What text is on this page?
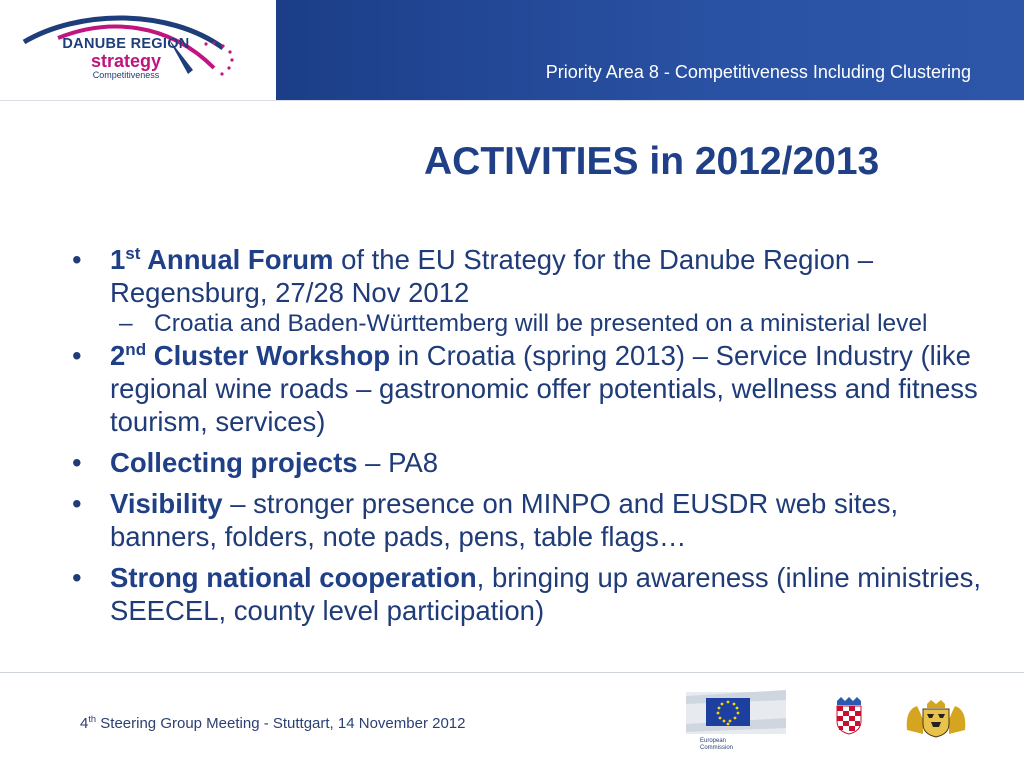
DANUBE REGION
strategy
Competitiveness	Priority Area 8 - Competitiveness Including Clustering
ACTIVITIES in 2012/2013
•	1st Annual Forum of the EU Strategy for the Danube Region – Regensburg, 27/28 Nov 2012
– Croatia and Baden-Württemberg will be presented on a ministerial level
•	2nd Cluster Workshop in Croatia (spring 2013) – Service Industry (like regional wine roads – gastronomic offer potentials, wellness and fitness tourism, services)
•	Collecting projects – PA8
•	Visibility – stronger presence on MINPO and EUSDR web sites, banners, folders, note pads, pens, table flags…
•	Strong national cooperation, bringing up awareness (inline ministries, SEECEL, county level participation)
4th Steering Group Meeting - Stuttgart, 14 November 2012
European
Commission
